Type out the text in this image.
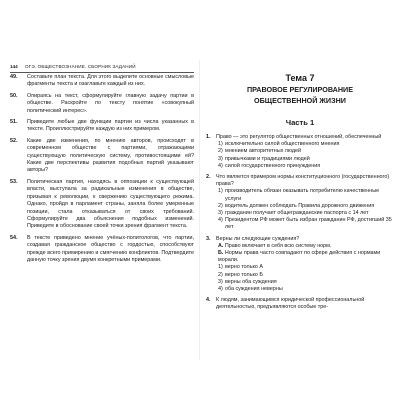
144 ОГЭ. ОБЩЕСТВОЗНАНИЕ. СБОРНИК ЗАДАНИЙ
49. Составьте план текста. Для этого выделите основные смысловые фрагменты текста и озаглавьте каждый из них.
50. Опираясь на текст, сформулируйте главную задачу партии в обществе. Раскройте по тексту понятие «совокупный политический интерес».
51. Приведите любые две функции партии из числа указанных в тексте. Проиллюстрируйте каждую из них примером.
52. Какие две изменения, по мнению авторов, происходят в современном обществе с партиями, отражающими существующую политическую систему, противостоящими ей? Какие две перспективы развития подобных партий указывают авторы?
53. Политическая партия, находясь в оппозиции к существующей власти, выступала за радикальные изменения в обществе, призывая к революции, к свержению существующего режима. Однако, пройдя в парламент страны, заняла более умеренные позиции, стала отказываться от своих требований. Сформулируйте два объяснения подобных изменений. Приведите в обоснование своей точки зрения фрагмент текста.
54. В тексте приведено мнение учёных-политологов, что партии, создавая гражданское общество с гордостью, способствуют прежде всего примирению и смягчению конфликтов. Подтвердите данную точку зрения двумя конкретными примерами.
Тема 7
ПРАВОВОЕ РЕГУЛИРОВАНИЕ
ОБЩЕСТВЕННОЙ ЖИЗНИ
Часть 1
1. Право — это регулятор общественных отношений, обеспеченный
1) исключительно силой общественного мнения
2) мнением авторитетных людей
3) привычками и традициями людей
4) силой государственного принуждения
2. Что является примером нормы конституционного (государственного) права?
1) производитель обязан оказывать потребителю качественные услуги
2) водитель должен соблюдать Правила дорожного движения
3) гражданин получает общегражданские паспорта с 14 лет
4) Президентом РФ может быть избран гражданин РФ, достигший 35 лет
3. Верны ли следующие суждения?
А. Право включает в себя всю систему норм.
Б. Нормы права часто совпадают по сфере действия с нормами морали.
1) верно только А
2) верно только Б
3) верны оба суждения
4) оба суждения неверны
4. К людям, занимающимся юридической профессиональной деятельностью, предъявляются особые тре-
